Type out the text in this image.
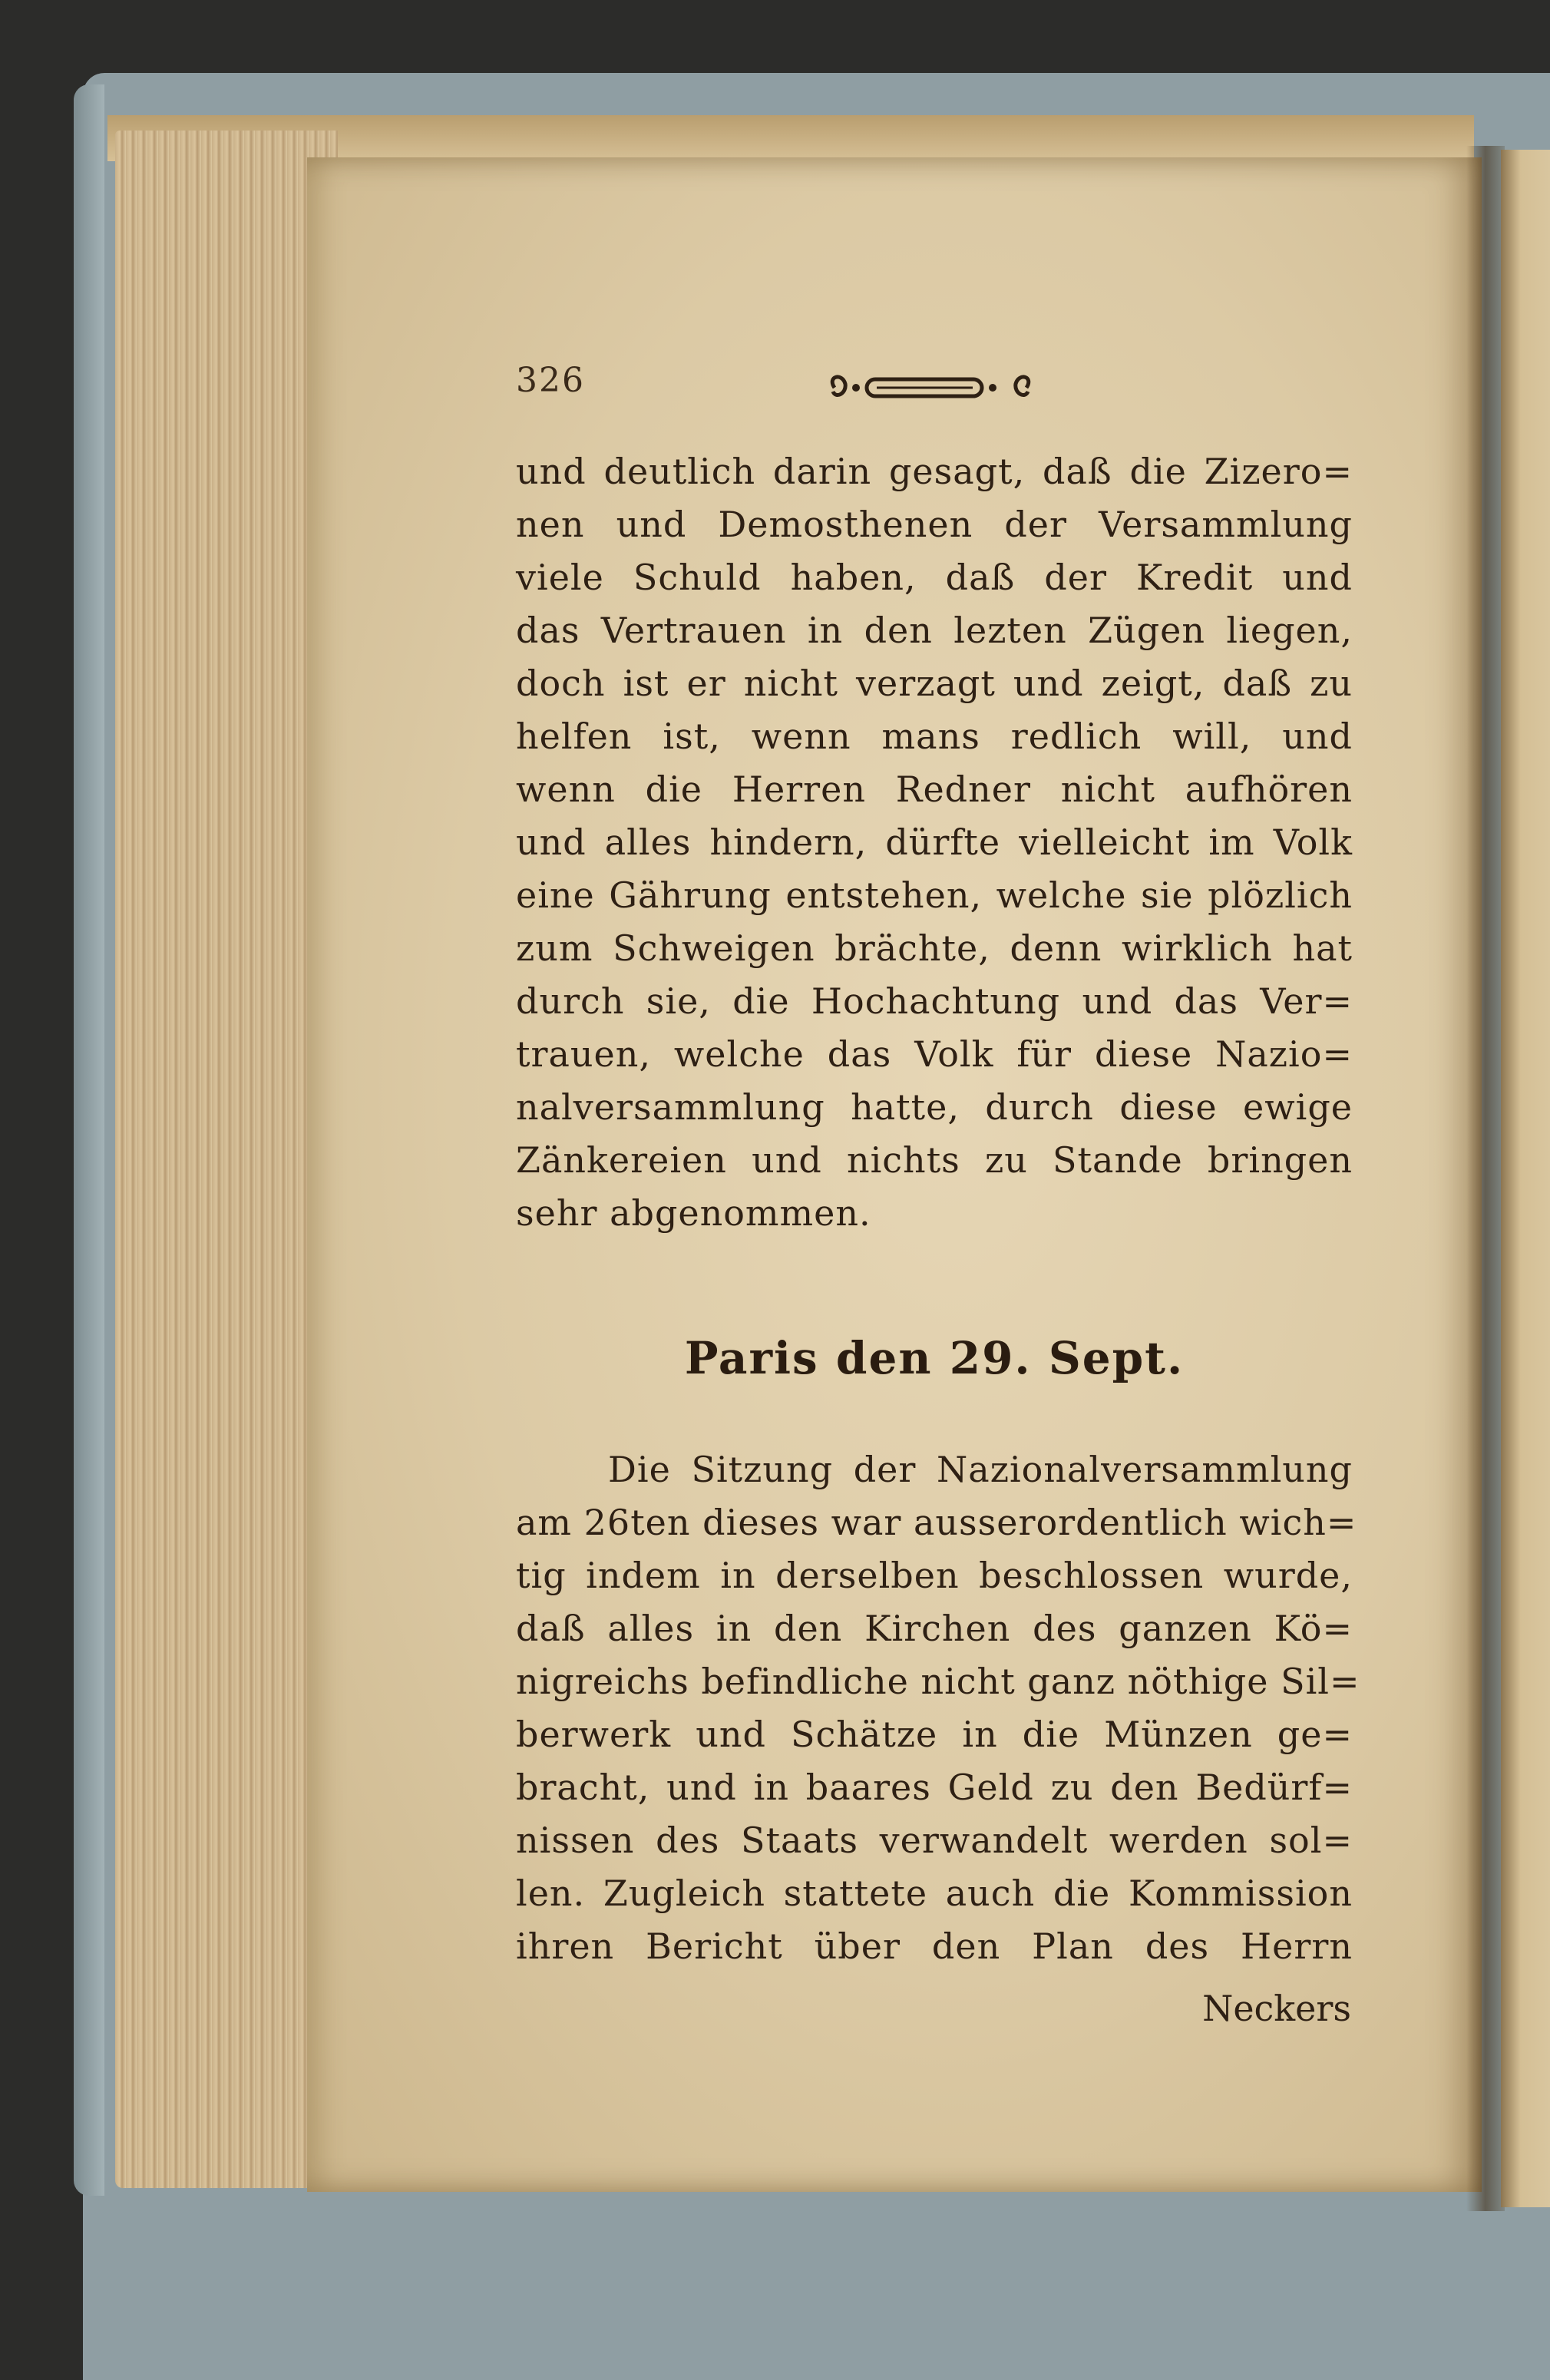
326
und deutlich darin gesagt, daß die Zizero=
nen und Demosthenen der Versammlung
viele Schuld haben, daß der Kredit und
das Vertrauen in den lezten Zügen liegen,
doch ist er nicht verzagt und zeigt, daß zu
helfen ist, wenn mans redlich will, und
wenn die Herren Redner nicht aufhören
und alles hindern, dürfte vielleicht im Volk
eine Gährung entstehen, welche sie plözlich
zum Schweigen brächte, denn wirklich hat
durch sie, die Hochachtung und das Ver=
trauen, welche das Volk für diese Nazio=
nalversammlung hatte, durch diese ewige
Zänkereien und nichts zu Stande bringen
sehr abgenommen.
Paris den 29. Sept.
Die Sitzung der Nazionalversammlung
am 26ten dieses war ausserordentlich wich=
tig indem in derselben beschlossen wurde,
daß alles in den Kirchen des ganzen Kö=
nigreichs befindliche nicht ganz nöthige Sil=
berwerk und Schätze in die Münzen ge=
bracht, und in baares Geld zu den Bedürf=
nissen des Staats verwandelt werden sol=
len. Zugleich stattete auch die Kommission
ihren Bericht über den Plan des Herrn
Neckers
